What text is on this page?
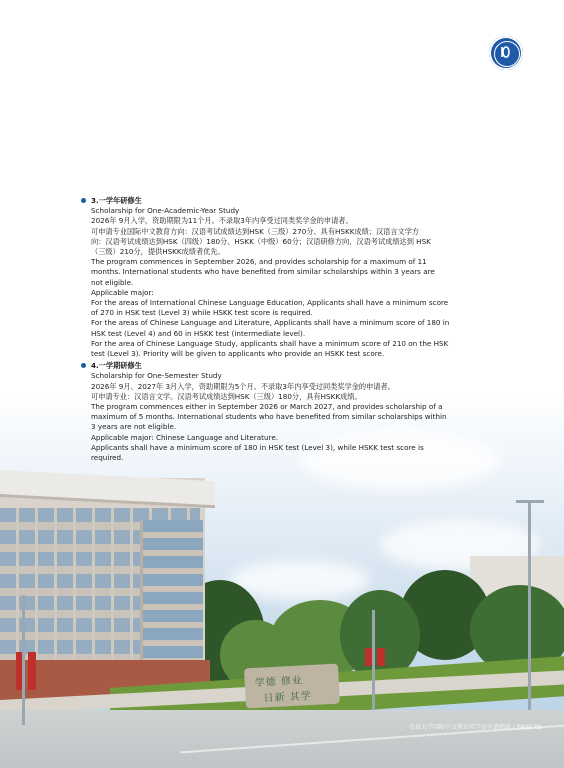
学德 修业
日新 其学
3.一学年研修生
Scholarship for One-Academic-Year Study
2026年 9月入学，资助期限为11个月。不录取3年内享受过同类奖学金的申请者。
可申请专业国际中文教育方向：汉语考试成绩达到HSK（三级）270分、具有HSKK成绩；汉语言文学方
向：汉语考试成绩达到HSK（四级）180分、HSKK（中级）60分；汉语研修方向，汉语考试成绩达到 HSK
（三级）210分，提供HSKK成绩者优先。
The program commences in September 2026, and provides scholarship for a maximum of 11
months. International students who have benefited from similar scholarships within 3 years are
not eligible.
Applicable major:
For the areas of International Chinese Language Education, Applicants shall have a minimum score
of 270 in HSK test (Level 3) while HSKK test score is required.
For the areas of Chinese Language and Literature, Applicants shall have a minimum score of 180 in
HSK test (Level 4) and 60 in HSKK test (intermediate level).
For the area of Chinese Language Study, applicants shall have a minimum score of 210 on the HSK
test (Level 3). Priority will be given to applicants who provide an HSKK test score.
4.一学期研修生
Scholarship for One-Semester Study
2026年 9月、2027年 3月入学，资助期限为5个月。不录取3年内享受过同类奖学金的申请者。
可申请专业：汉语言文学。汉语考试成绩达到HSK（三级）180分，具有HSKK成绩。
The program commences either in September 2026 or March 2027, and provides scholarship of a
maximum of 5 months. International students who have benefited from similar scholarships within
3 years are not eligible.
Applicable major: Chinese Language and Literature.
Applicants shall have a minimum score of 180 in HSK test (Level 3), while HSKK test score is
required.
青岛大学国际中文教育奖学金申请指南 | PAGE 05
